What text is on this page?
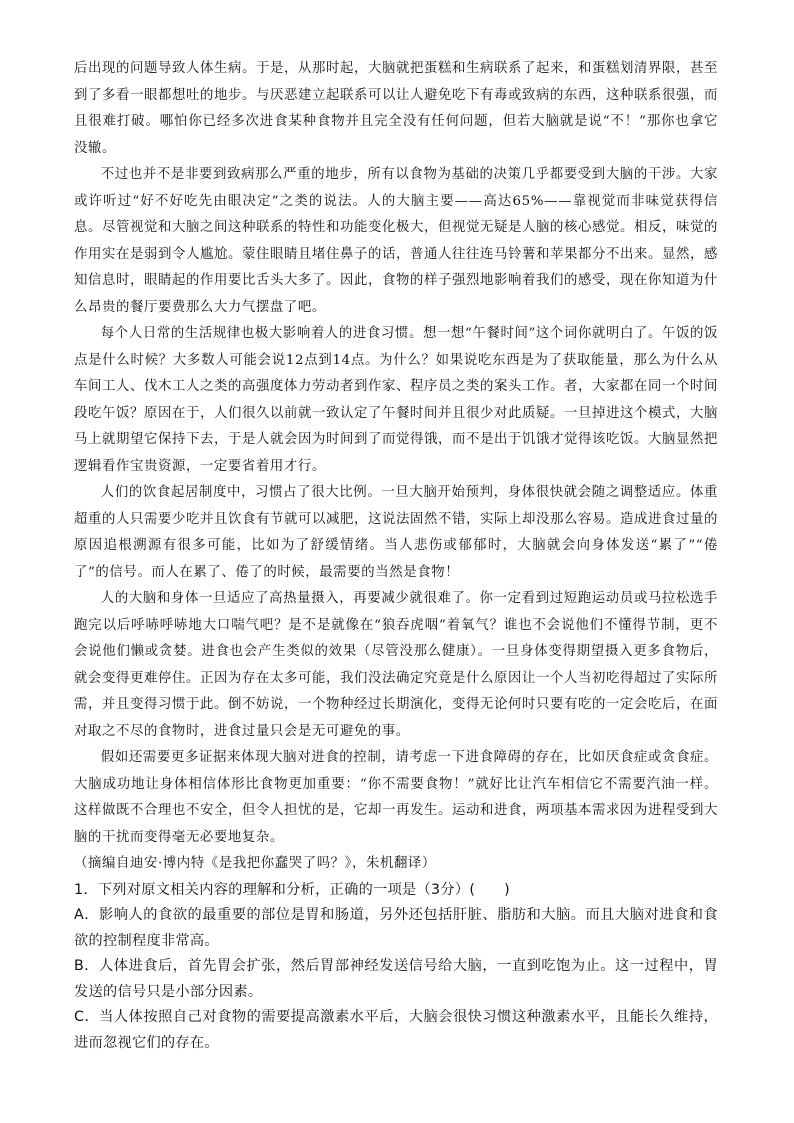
后出现的问题导致人体生病。于是，从那时起，大脑就把蛋糕和生病联系了起来，和蛋糕划清界限，甚至到了多看一眼都想吐的地步。与厌恶建立起联系可以让人避免吃下有毒或致病的东西，这种联系很强，而且很难打破。哪怕你已经多次进食某种食物并且完全没有任何问题，但若大脑就是说“不！”那你也拿它没辙。

不过也并不是非要到致病那么严重的地步，所有以食物为基础的决策几乎都要受到大脑的干涉。大家或许听过“好不好吃先由眼决定”之类的说法。人的大脑主要——高达65%——靠视觉而非味觉获得信息。尽管视觉和大脑之间这种联系的特性和功能变化极大，但视觉无疑是人脑的核心感觉。相反，味觉的作用实在是弱到令人尴尬。蒙住眼睛且堵住鼻子的话，普通人往往连马铃薯和苹果都分不出来。显然，感知信息时，眼睛起的作用要比舌头大多了。因此，食物的样子强烈地影响着我们的感受，现在你知道为什么昂贵的餐厅要费那么大力气摆盘了吧。

每个人日常的生活规律也极大影响着人的进食习惯。想一想“午餐时间”这个词你就明白了。午饭的饭点是什么时候？大多数人可能会说12点到14点。为什么？如果说吃东西是为了获取能量，那么为什么从车间工人、伐木工人之类的高强度体力劳动者到作家、程序员之类的案头工作。者，大家都在同一个时间段吃午饭？原因在于，人们很久以前就一致认定了午餐时间并且很少对此质疑。一旦掉进这个模式，大脑马上就期望它保持下去，于是人就会因为时间到了而觉得饿，而不是出于饥饿才觉得该吃饭。大脑显然把逻辑看作宝贵资源，一定要省着用才行。

人们的饮食起居制度中，习惯占了很大比例。一旦大脑开始预判，身体很快就会随之调整适应。体重超重的人只需要少吃并且饮食有节就可以减肥，这说法固然不错，实际上却没那么容易。造成进食过量的原因追根溯源有很多可能，比如为了舒缓情绪。当人悲伤或郁郁时，大脑就会向身体发送“累了”“倦了”的信号。而人在累了、倦了的时候，最需要的当然是食物！

人的大脑和身体一旦适应了高热量摄入，再要减少就很难了。你一定看到过短跑运动员或马拉松选手跑完以后呼哧呼哧地大口喘气吧？是不是就像在“狼吞虎咽”着氧气？谁也不会说他们不懂得节制，更不会说他们懒或贪婪。进食也会产生类似的效果（尽管没那么健康）。一旦身体变得期望摄入更多食物后，就会变得更难停住。正因为存在太多可能，我们没法确定究竟是什么原因让一个人当初吃得超过了实际所需，并且变得习惯于此。倒不妨说，一个物种经过长期演化，变得无论何时只要有吃的一定会吃后，在面对取之不尽的食物时，进食过量只会是无可避免的事。

假如还需要更多证据来体现大脑对进食的控制，请考虑一下进食障碍的存在，比如厌食症或贪食症。大脑成功地让身体相信体形比食物更加重要：“你不需要食物！”就好比让汽车相信它不需要汽油一样。这样做既不合理也不安全，但令人担忧的是，它却一再发生。运动和进食，两项基本需求因为进程受到大脑的干扰而变得毫无必要地复杂。

（摘编自迪安·博内特《是我把你蠢哭了吗？》，朱机翻译）

1．下列对原文相关内容的理解和分析，正确的一项是（3分）(　　)

A．影响人的食欲的最重要的部位是胃和肠道，另外还包括肝脏、脂肪和大脑。而且大脑对进食和食欲的控制程度非常高。

B．人体进食后，首先胃会扩张，然后胃部神经发送信号给大脑，一直到吃饱为止。这一过程中，胃发送的信号只是小部分因素。

C．当人体按照自己对食物的需要提高激素水平后，大脑会很快习惯这种激素水平，且能长久维持，进而忽视它们的存在。
